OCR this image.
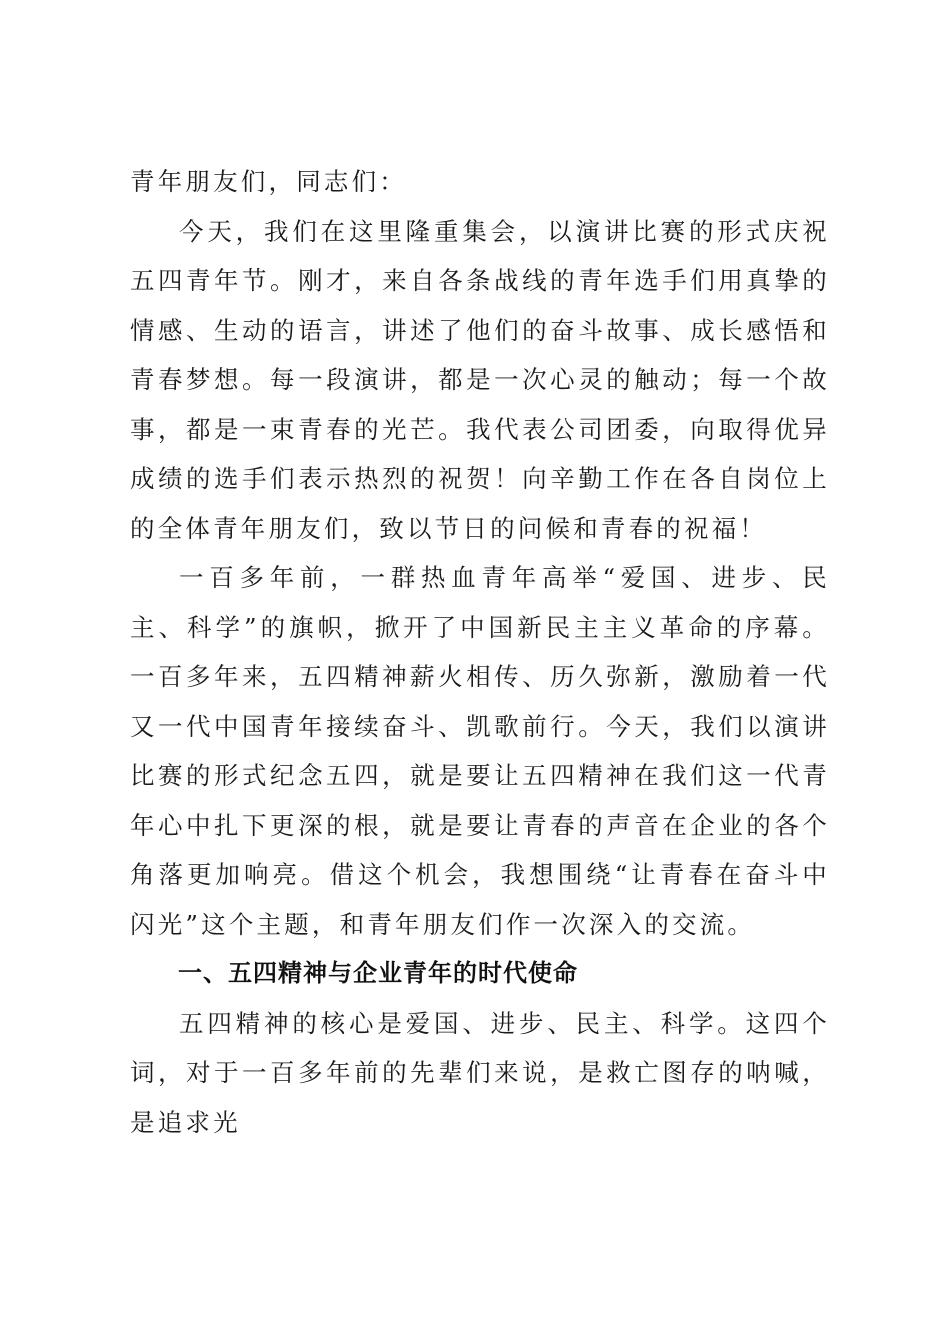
青年朋友们，同志们：

今天，我们在这里隆重集会，以演讲比赛的形式庆祝五四青年节。刚才，来自各条战线的青年选手们用真挚的情感、生动的语言，讲述了他们的奋斗故事、成长感悟和青春梦想。每一段演讲，都是一次心灵的触动；每一个故事，都是一束青春的光芒。我代表公司团委，向取得优异成绩的选手们表示热烈的祝贺！向辛勤工作在各自岗位上的全体青年朋友们，致以节日的问候和青春的祝福！

一百多年前，一群热血青年高举“爱国、进步、民主、科学”的旗帜，掀开了中国新民主主义革命的序幕。一百多年来，五四精神薪火相传、历久弥新，激励着一代又一代中国青年接续奋斗、凯歌前行。今天，我们以演讲比赛的形式纪念五四，就是要让五四精神在我们这一代青年心中扎下更深的根，就是要让青春的声音在企业的各个角落更加响亮。借这个机会，我想围绕“让青春在奋斗中闪光”这个主题，和青年朋友们作一次深入的交流。

一、五四精神与企业青年的时代使命

五四精神的核心是爱国、进步、民主、科学。这四个词，对于一百多年前的先辈们来说，是救亡图存的呐喊，是追求光
